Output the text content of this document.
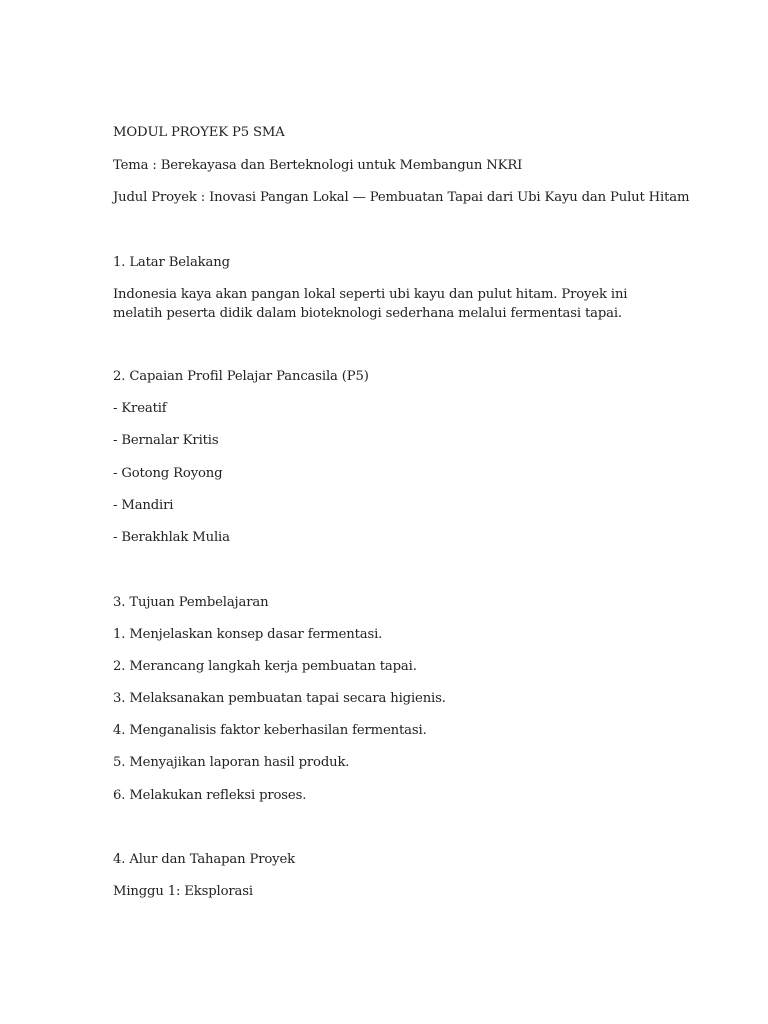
MODUL PROYEK P5 SMA
Tema : Berekayasa dan Berteknologi untuk Membangun NKRI
Judul Proyek : Inovasi Pangan Lokal — Pembuatan Tapai dari Ubi Kayu dan Pulut Hitam
1. Latar Belakang
Indonesia kaya akan pangan lokal seperti ubi kayu dan pulut hitam. Proyek ini melatih peserta didik dalam bioteknologi sederhana melalui fermentasi tapai.
2. Capaian Profil Pelajar Pancasila (P5)
- Kreatif
- Bernalar Kritis
- Gotong Royong
- Mandiri
- Berakhlak Mulia
3. Tujuan Pembelajaran
1. Menjelaskan konsep dasar fermentasi.
2. Merancang langkah kerja pembuatan tapai.
3. Melaksanakan pembuatan tapai secara higienis.
4. Menganalisis faktor keberhasilan fermentasi.
5. Menyajikan laporan hasil produk.
6. Melakukan refleksi proses.
4. Alur dan Tahapan Proyek
Minggu 1: Eksplorasi
